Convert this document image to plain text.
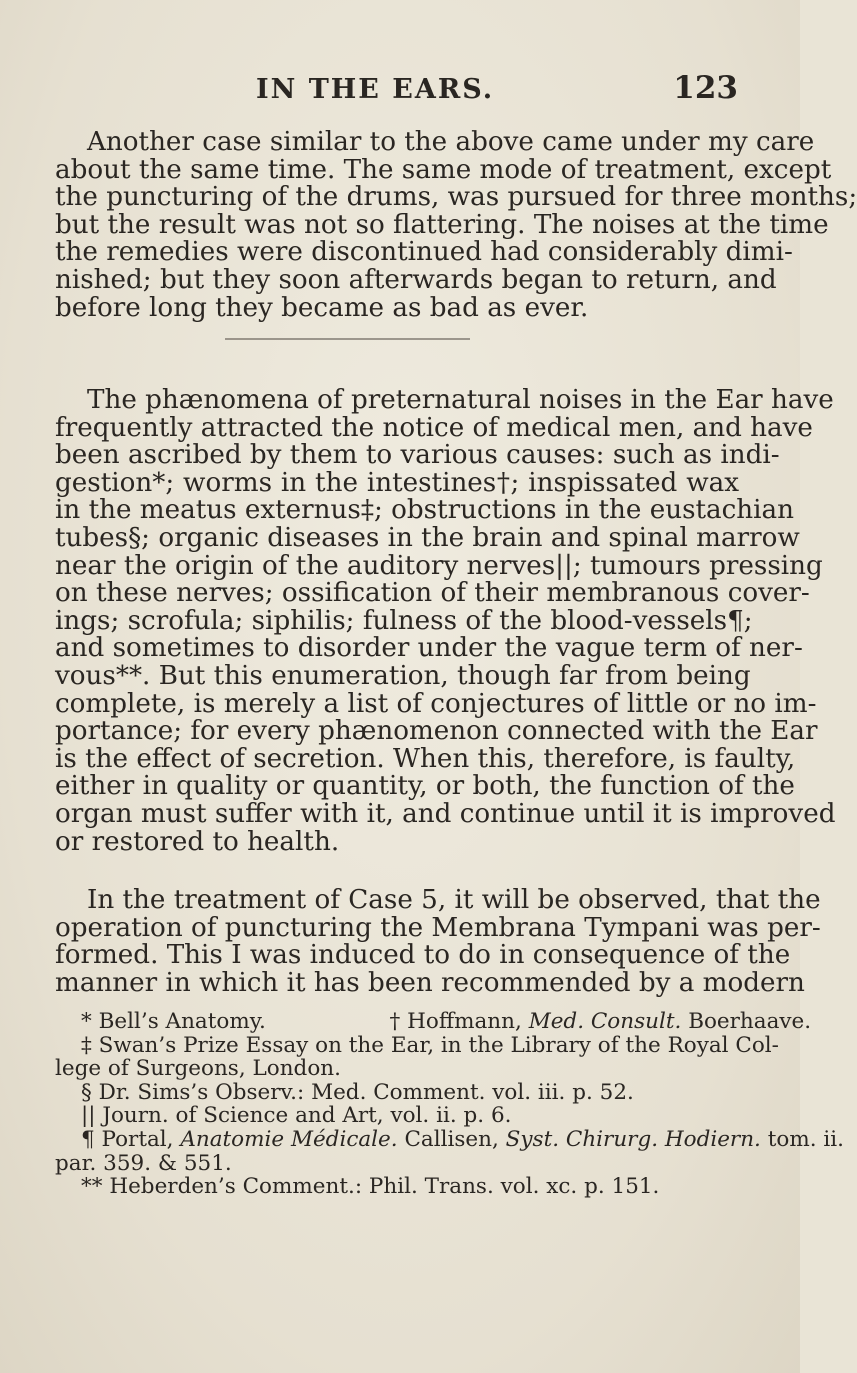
IN THE EARS.	123
Another case similar to the above came under my care
about the same time. The same mode of treatment, except
the puncturing of the drums, was pursued for three months;
but the result was not so flattering. The noises at the time
the remedies were discontinued had considerably dimi-
nished; but they soon afterwards began to return, and
before long they became as bad as ever.
The phænomena of preternatural noises in the Ear have
frequently attracted the notice of medical men, and have
been ascribed by them to various causes: such as indi-
gestion*; worms in the intestines†; inspissated wax
in the meatus externus‡; obstructions in the eustachian
tubes§; organic diseases in the brain and spinal marrow
near the origin of the auditory nerves||; tumours pressing
on these nerves; ossification of their membranous cover-
ings; scrofula; siphilis; fulness of the blood-vessels¶;
and sometimes to disorder under the vague term of ner-
vous**. But this enumeration, though far from being
complete, is merely a list of conjectures of little or no im-
portance; for every phænomenon connected with the Ear
is the effect of secretion. When this, therefore, is faulty,
either in quality or quantity, or both, the function of the
organ must suffer with it, and continue until it is improved
or restored to health.
In the treatment of Case 5, it will be observed, that the
operation of puncturing the Membrana Tympani was per-
formed. This I was induced to do in consequence of the
manner in which it has been recommended by a modern
* Bell’s Anatomy.	† Hoffmann, Med. Consult. Boerhaave.
‡ Swan’s Prize Essay on the Ear, in the Library of the Royal Col-
lege of Surgeons, London.
§ Dr. Sims’s Observ.: Med. Comment. vol. iii. p. 52.
|| Journ. of Science and Art, vol. ii. p. 6.
¶ Portal, Anatomie Médicale. Callisen, Syst. Chirurg. Hodiern. tom. ii.
par. 359. & 551.
** Heberden’s Comment.: Phil. Trans. vol. xc. p. 151.
